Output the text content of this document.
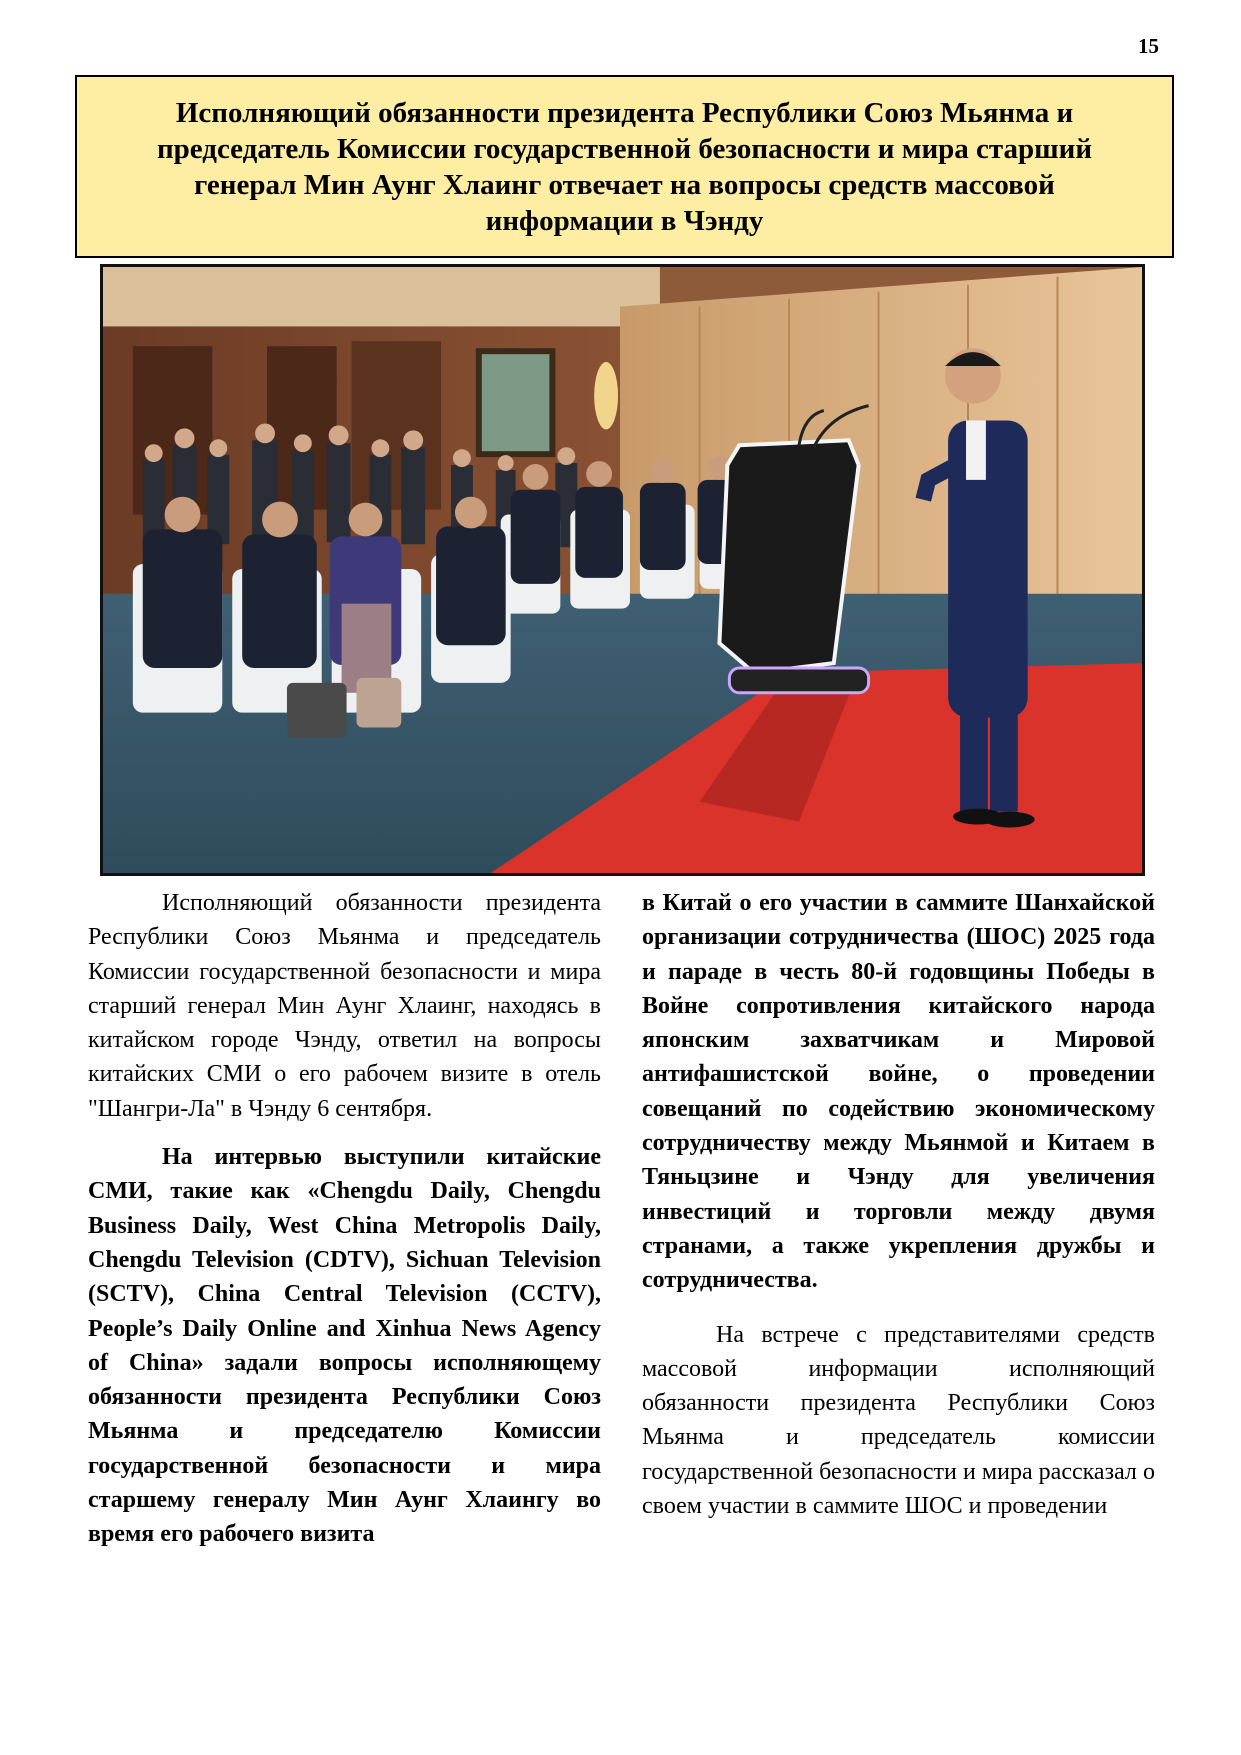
15
Исполняющий обязанности президента Республики Союз Мьянма и председатель Комиссии государственной безопасности и мира старший генерал Мин Аунг Хлаинг отвечает на вопросы средств массовой информации в Чэнду

Исполняющий обязанности президента Республики Союз Мьянма и председатель Комиссии государственной безопасности и мира старший генерал Мин Аунг Хлаинг, находясь в китайском городе Чэнду, ответил на вопросы китайских СМИ о его рабочем визите в отель "Шангри-Ла" в Чэнду 6 сентября.

На интервью выступили китайские СМИ, такие как «Chengdu Daily, Chengdu Business Daily, West China Metropolis Daily, Chengdu Television (CDTV), Sichuan Television (SCTV), China Central Television (CCTV), People’s Daily Online and Xinhua News Agency of China» задали вопросы исполняющему обязанности президента Республики Союз Мьянма и председателю Комиссии государственной безопасности и мира старшему генералу Мин Аунг Хлаингу во время его рабочего визита

в Китай о его участии в саммите Шанхайской организации сотрудничества (ШОС) 2025 года и параде в честь 80-й годовщины Победы в Войне сопротивления китайского народа японским захватчикам и Мировой антифашистской войне, о проведении совещаний по содействию экономическому сотрудничеству между Мьянмой и Китаем в Тяньцзине и Чэнду для увеличения инвестиций и торговли между двумя странами, а также укрепления дружбы и сотрудничества.

На встрече с представителями средств массовой информации исполняющий обязанности президента Республики Союз Мьянма и председатель комиссии государственной безопасности и мира рассказал о своем участии в саммите ШОС и проведении
